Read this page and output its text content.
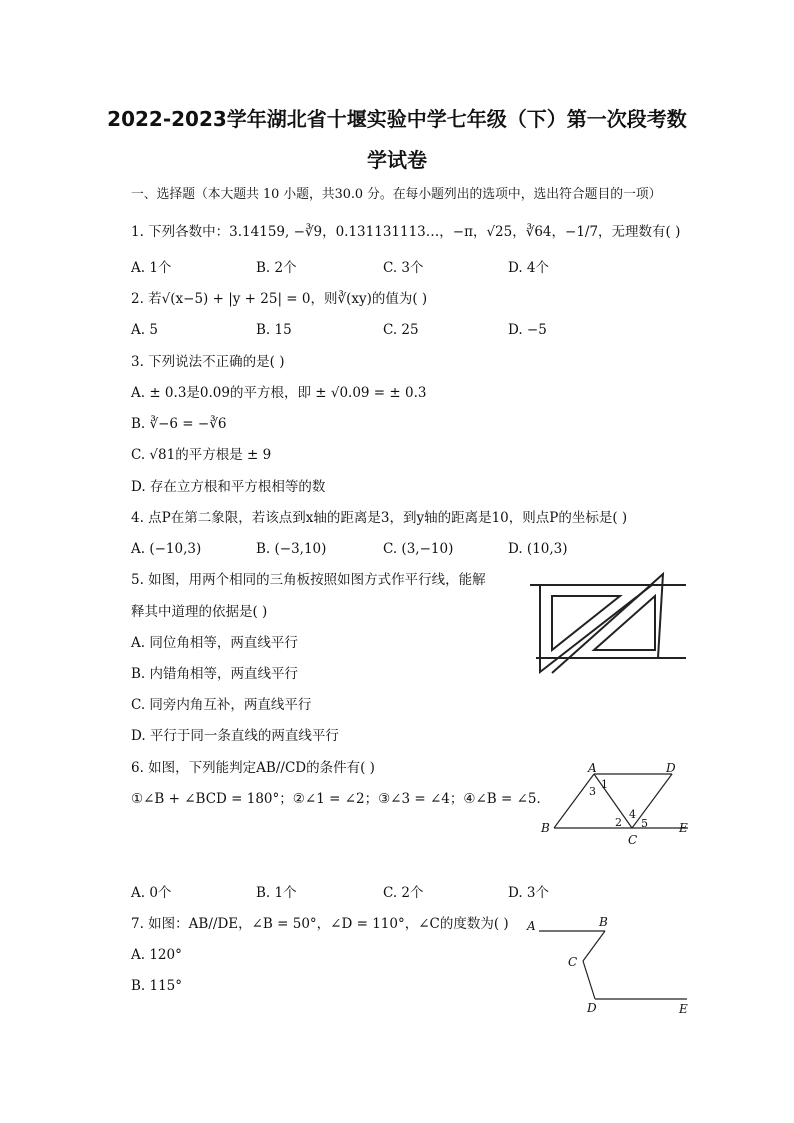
2022-2023学年湖北省十堰实验中学七年级（下）第一次段考数
学试卷
一、选择题（本大题共 10 小题，共30.0 分。在每小题列出的选项中，选出符合题目的一项）
1. 下列各数中：3.14159, −∛9，0.131131113…，−π，√25，∛64，−1/7，无理数有( )
A. 1个	B. 2个	C. 3个	D. 4个
2. 若√(x−5) + |y + 25| = 0，则∛(xy)的值为( )
A. 5	B. 15	C. 25	D. −5
3. 下列说法不正确的是( )
A. ± 0.3是0.09的平方根，即 ± √0.09 = ± 0.3
B. ∛−6 = −∛6
C. √81的平方根是 ± 9
D. 存在立方根和平方根相等的数
4. 点P在第二象限，若该点到x轴的距离是3，到y轴的距离是10，则点P的坐标是( )
A. (−10,3)	B. (−3,10)	C. (3,−10)	D. (10,3)
5. 如图，用两个相同的三角板按照如图方式作平行线，能解
释其中道理的依据是( )
A. 同位角相等，两直线平行
B. 内错角相等，两直线平行
C. 同旁内角互补，两直线平行
D. 平行于同一条直线的两直线平行
6. 如图，下列能判定AB//CD的条件有( )
①∠B + ∠BCD = 180°；②∠1 = ∠2；③∠3 = ∠4；④∠B = ∠5．
A	D
B
C
E
1
2
3
4
5
A. 0个	B. 1个	C. 2个	D. 3个
7. 如图：AB//DE，∠B = 50°，∠D = 110°，∠C的度数为( )
A. 120°
B. 115°
A	B
C
D	E
